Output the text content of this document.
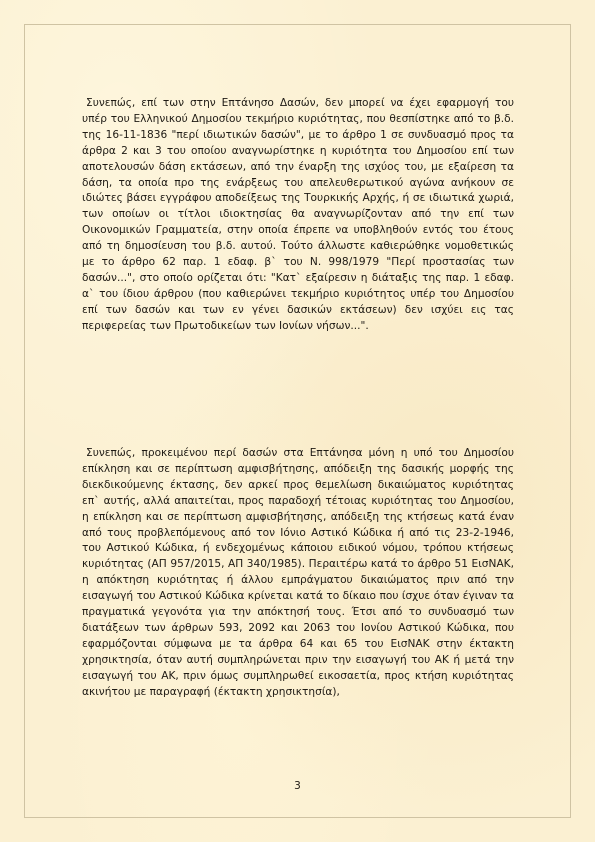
Συνεπώς, επί των στην Επτάνησο Δασών, δεν μπορεί να έχει εφαρμογή του υπέρ του Ελληνικού Δημοσίου τεκμήριο κυριότητας, που θεσπίστηκε από το β.δ. της 16-11-1836 "περί ιδιωτικών δασών", με το άρθρο 1 σε συνδυασμό προς τα άρθρα 2 και 3 του οποίου αναγνωρίστηκε η κυριότητα του Δημοσίου επί των αποτελουσών δάση εκτάσεων, από την έναρξη της ισχύος του, με εξαίρεση τα δάση, τα οποία προ της ενάρξεως του απελευθερωτικού αγώνα ανήκουν σε ιδιώτες βάσει εγγράφου αποδείξεως της Τουρκικής Αρχής, ή σε ιδιωτικά χωριά, των οποίων οι τίτλοι ιδιοκτησίας θα αναγνωρίζονταν από την επί των Οικονομικών Γραμματεία, στην οποία έπρεπε να υποβληθούν εντός του έτους από τη δημοσίευση του β.δ. αυτού. Τούτο άλλωστε καθιερώθηκε νομοθετικώς με το άρθρο 62 παρ. 1 εδαφ. β` του Ν. 998/1979 "Περί προστασίας των δασών...", στο οποίο ορίζεται ότι: "Κατ` εξαίρεσιν η διάταξις της παρ. 1 εδαφ. α` του ίδιου άρθρου (που καθιερώνει τεκμήριο κυριότητος υπέρ του Δημοσίου επί των δασών και των εν γένει δασικών εκτάσεων) δεν ισχύει εις τας περιφερείας των Πρωτοδικείων των Ιονίων νήσων...".

Συνεπώς, προκειμένου περί δασών στα Επτάνησα μόνη η υπό του Δημοσίου επίκληση και σε περίπτωση αμφισβήτησης, απόδειξη της δασικής μορφής της διεκδικούμενης έκτασης, δεν αρκεί προς θεμελίωση δικαιώματος κυριότητας επ` αυτής, αλλά απαιτείται, προς παραδοχή τέτοιας κυριότητας του Δημοσίου, η επίκληση και σε περίπτωση αμφισβήτησης, απόδειξη της κτήσεως κατά έναν από τους προβλεπόμενους από τον Ιόνιο Αστικό Κώδικα ή από τις 23-2-1946, του Αστικού Κώδικα, ή ενδεχομένως κάποιου ειδικού νόμου, τρόπου κτήσεως κυριότητας (ΑΠ 957/2015, ΑΠ 340/1985). Περαιτέρω κατά το άρθρο 51 ΕισΝΑΚ, η απόκτηση κυριότητας ή άλλου εμπράγματου δικαιώματος πριν από την εισαγωγή του Αστικού Κώδικα κρίνεται κατά το δίκαιο που ίσχυε όταν έγιναν τα πραγματικά γεγονότα για την απόκτησή τους. Έτσι από το συνδυασμό των διατάξεων των άρθρων 593, 2092 και 2063 του Ιονίου Αστικού Κώδικα, που εφαρμόζονται σύμφωνα με τα άρθρα 64 και 65 του ΕισΝΑΚ στην έκτακτη χρησικτησία, όταν αυτή συμπληρώνεται πριν την εισαγωγή του ΑΚ ή μετά την εισαγωγή του ΑΚ, πριν όμως συμπληρωθεί εικοσαετία, προς κτήση κυριότητας ακινήτου με παραγραφή (έκτακτη χρησικτησία),

3
